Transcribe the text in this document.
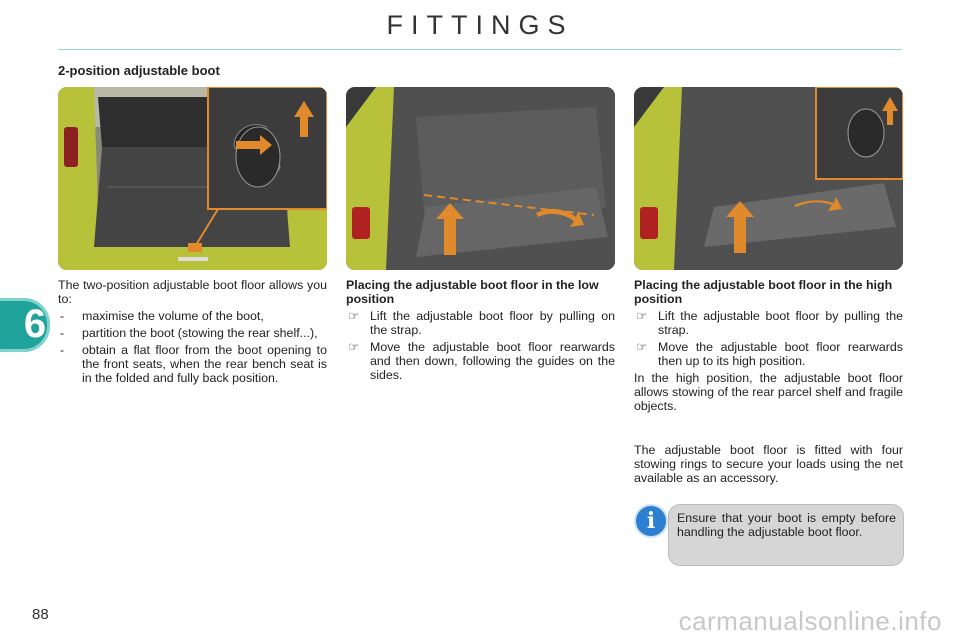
FITTINGS
2-position adjustable boot

The two-position adjustable boot floor allows you to:

-	maximise the volume of the boot,
-	partition the boot (stowing the rear shelf...),
-	obtain a flat floor from the boot opening to the front seats, when the rear bench seat is in the folded and fully back position.
Placing the adjustable boot floor in the low position
☞ Lift the adjustable boot floor by pulling on the strap.
☞ Move the adjustable boot floor rearwards and then down, following the guides on the sides.
Placing the adjustable boot floor in the high position
☞ Lift the adjustable boot floor by pulling the strap.
☞ Move the adjustable boot floor rearwards then up to its high position.

In the high position, the adjustable boot floor allows stowing of the rear parcel shelf and fragile objects.

The adjustable boot floor is fitted with four stowing rings to secure your loads using the net available as an accessory.

i	Ensure that your boot is empty before handling the adjustable boot floor.
6
88	carmanualsonline.info
